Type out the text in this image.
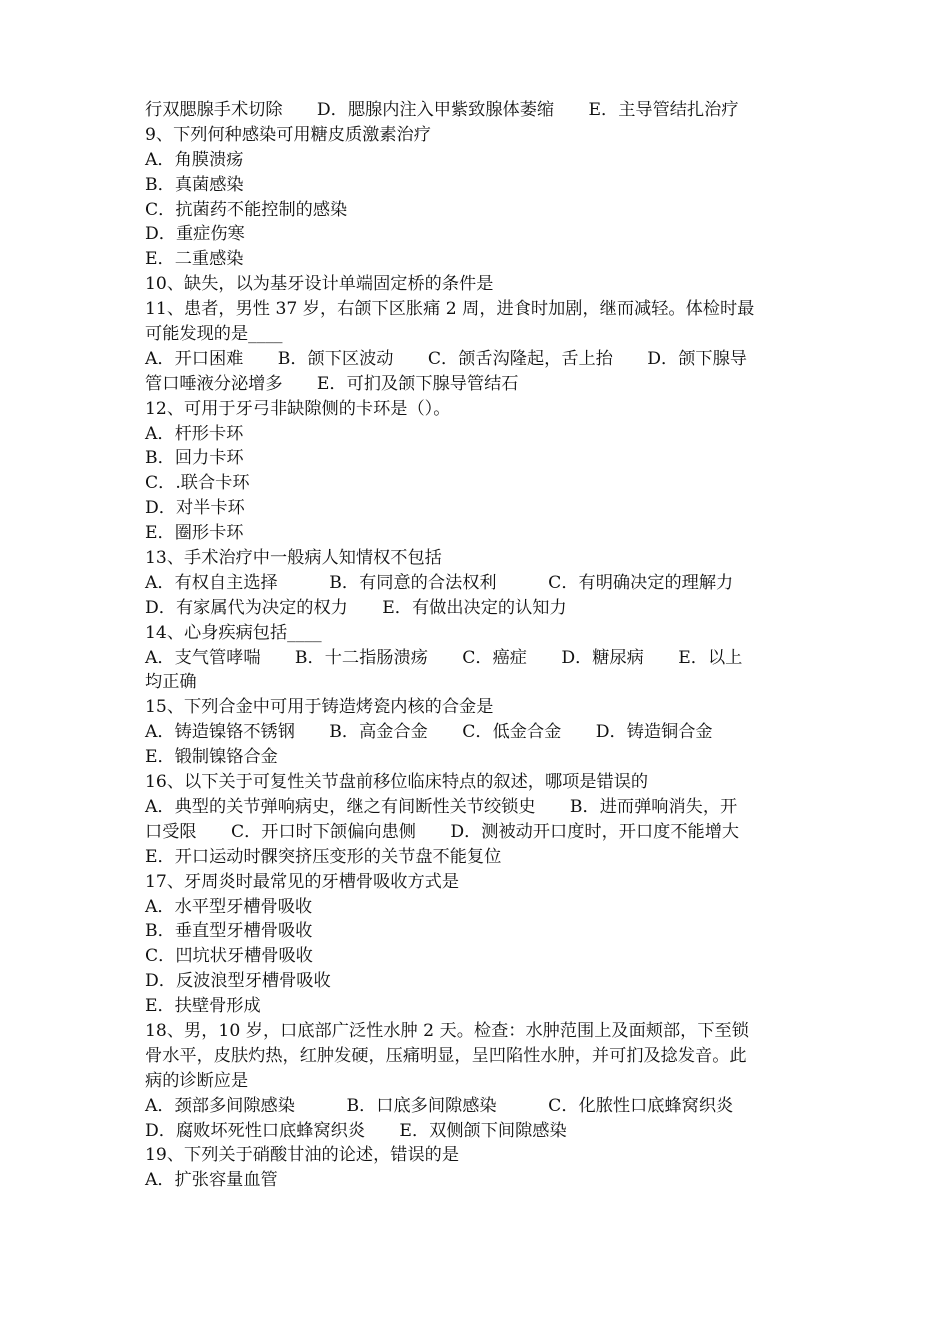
行双腮腺手术切除　　D．腮腺内注入甲紫致腺体萎缩　　E．主导管结扎治疗
9、下列何种感染可用糖皮质激素治疗
A．角膜溃疡
B．真菌感染
C．抗菌药不能控制的感染
D．重症伤寒
E．二重感染
10、缺失，以为基牙设计单端固定桥的条件是
11、患者，男性 37 岁，右颌下区胀痛 2 周，进食时加剧，继而减轻。体检时最
可能发现的是____
A．开口困难　　B．颌下区波动　　C．颌舌沟隆起，舌上抬　　D．颌下腺导
管口唾液分泌增多　　E．可扪及颌下腺导管结石
12、可用于牙弓非缺隙侧的卡环是（）。
A．杆形卡环
B．回力卡环
C．.联合卡环
D．对半卡环
E．圈形卡环
13、手术治疗中一般病人知情权不包括
A．有权自主选择　　　B．有同意的合法权利　　　C．有明确决定的理解力
D．有家属代为决定的权力　　E．有做出决定的认知力
14、心身疾病包括____
A．支气管哮喘　　B．十二指肠溃疡　　C．癌症　　D．糖尿病　　E．以上
均正确
15、下列合金中可用于铸造烤瓷内核的合金是
A．铸造镍铬不锈钢　　B．高金合金　　C．低金合金　　D．铸造铜合金
E．锻制镍铬合金
16、以下关于可复性关节盘前移位临床特点的叙述，哪项是错误的
A．典型的关节弹响病史，继之有间断性关节绞锁史　　B．进而弹响消失，开
口受限　　C．开口时下颌偏向患侧　　D．测被动开口度时，开口度不能增大
E．开口运动时髁突挤压变形的关节盘不能复位
17、牙周炎时最常见的牙槽骨吸收方式是
A．水平型牙槽骨吸收
B．垂直型牙槽骨吸收
C．凹坑状牙槽骨吸收
D．反波浪型牙槽骨吸收
E．扶壁骨形成
18、男，10 岁，口底部广泛性水肿 2 天。检查：水肿范围上及面颊部，下至锁
骨水平，皮肤灼热，红肿发硬，压痛明显，呈凹陷性水肿，并可扪及捻发音。此
病的诊断应是
A．颈部多间隙感染　　　B．口底多间隙感染　　　C．化脓性口底蜂窝织炎
D．腐败坏死性口底蜂窝织炎　　E．双侧颌下间隙感染
19、下列关于硝酸甘油的论述，错误的是
A．扩张容量血管
